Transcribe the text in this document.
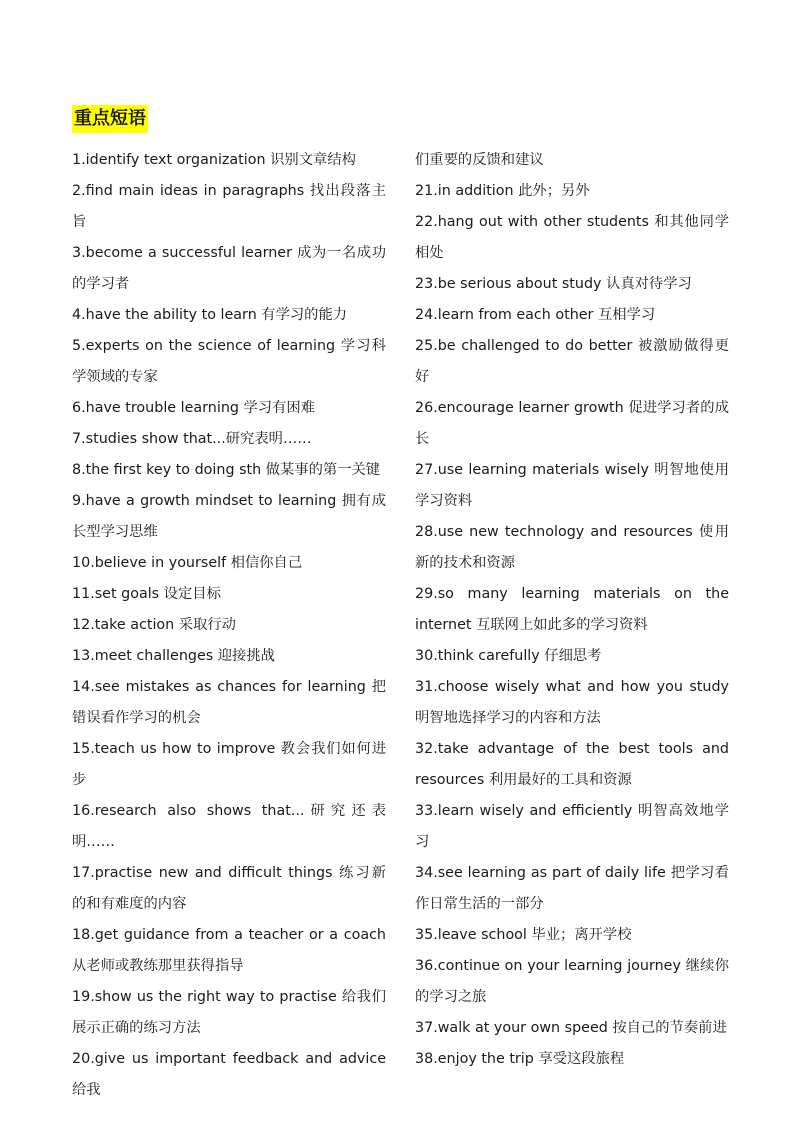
重点短语

1.identify text organization 识别文章结构

2.find main ideas in paragraphs 找出段落主旨

3.become a successful learner 成为一名成功的学习者

4.have the ability to learn 有学习的能力

5.experts on the science of learning 学习科学领域的专家

6.have trouble learning 学习有困难

7.studies show that...研究表明……

8.the first key to doing sth 做某事的第一关键

9.have a growth mindset to learning 拥有成长型学习思维

10.believe in yourself 相信你自己

11.set goals 设定目标

12.take action 采取行动

13.meet challenges 迎接挑战

14.see mistakes as chances for learning 把错误看作学习的机会

15.teach us how to improve 教会我们如何进步

16.research also shows that...研究还表明……

17.practise new and difficult things 练习新的和有难度的内容

18.get guidance from a teacher or a coach 从老师或教练那里获得指导

19.show us the right way to practise 给我们展示正确的练习方法

20.give us important feedback and advice 给我

们重要的反馈和建议

21.in addition 此外；另外

22.hang out with other students 和其他同学相处

23.be serious about study 认真对待学习

24.learn from each other 互相学习

25.be challenged to do better 被激励做得更好

26.encourage learner growth 促进学习者的成长

27.use learning materials wisely 明智地使用学习资料

28.use new technology and resources 使用新的技术和资源

29.so many learning materials on the internet 互联网上如此多的学习资料

30.think carefully 仔细思考

31.choose wisely what and how you study 明智地选择学习的内容和方法

32.take advantage of the best tools and resources 利用最好的工具和资源

33.learn wisely and efficiently 明智高效地学习

34.see learning as part of daily life 把学习看作日常生活的一部分

35.leave school 毕业；离开学校

36.continue on your learning journey 继续你的学习之旅

37.walk at your own speed 按自己的节奏前进

38.enjoy the trip 享受这段旅程
